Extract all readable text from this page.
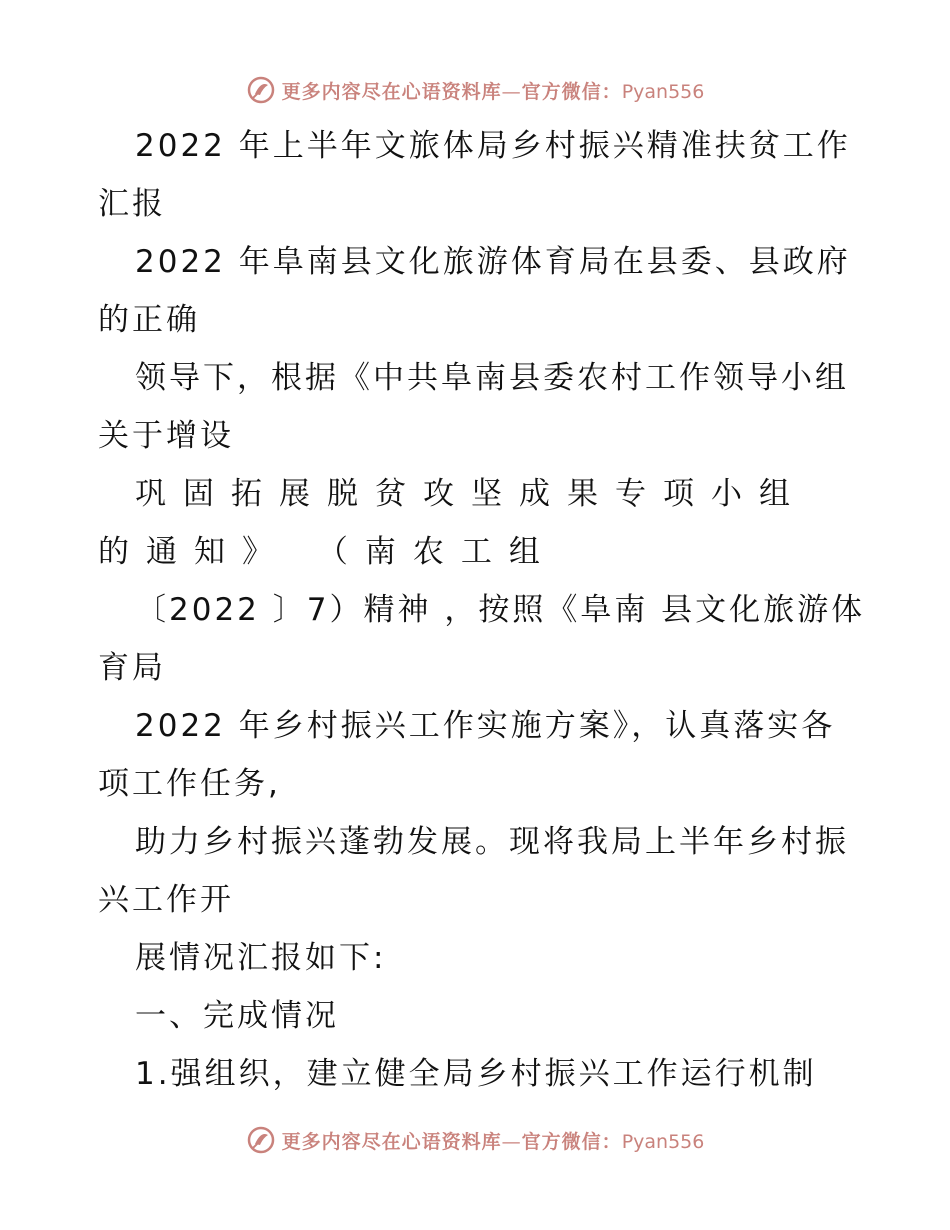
更多内容尽在心语资料库—官方微信：Pyan556
2022 年上半年文旅体局乡村振兴精准扶贫工作
汇报
2022 年阜南县文化旅游体育局在县委、县政府
的正确
领导下，根据《中共阜南县委农村工作领导小组
关于增设
巩固拓展脱贫攻坚成果专项小组
的通知》 （南农工组
〔2022 〕7）精神 ，按照《阜南 县文化旅游体
育局
2022 年乡村振兴工作实施方案》，认真落实各
项工作任务,
助力乡村振兴蓬勃发展。现将我局上半年乡村振
兴工作开
展情况汇报如下:
一、完成情况
1.强组织，建立健全局乡村振兴工作运行机制
更多内容尽在心语资料库—官方微信：Pyan556
